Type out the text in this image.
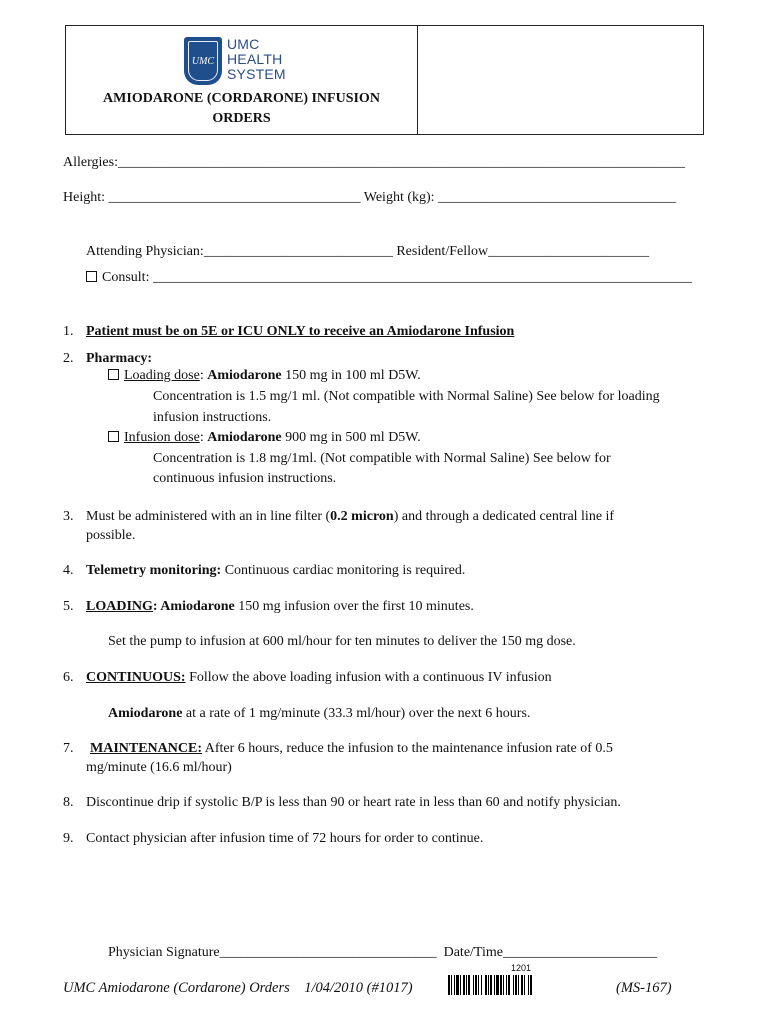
UMC
UMC
HEALTH
SYSTEM
AMIODARONE (CORDARONE) INFUSION
ORDERS
Allergies:_________________________________________________________________________________
Height: ____________________________________ Weight (kg): __________________________________
Attending Physician:___________________________ Resident/Fellow_______________________
Consult: _____________________________________________________________________________
1. Patient must be on 5E or ICU ONLY to receive an Amiodarone Infusion
2. Pharmacy:
Loading dose: Amiodarone 150 mg in 100 ml D5W.
Concentration is 1.5 mg/1 ml. (Not compatible with Normal Saline) See below for loading
infusion instructions.
Infusion dose: Amiodarone 900 mg in 500 ml D5W.
Concentration is 1.8 mg/1ml. (Not compatible with Normal Saline) See below for
continuous infusion instructions.
3. Must be administered with an in line filter (0.2 micron) and through a dedicated central line if
possible.
4. Telemetry monitoring: Continuous cardiac monitoring is required.
5. LOADING: Amiodarone 150 mg infusion over the first 10 minutes.
Set the pump to infusion at 600 ml/hour for ten minutes to deliver the 150 mg dose.
6. CONTINUOUS: Follow the above loading infusion with a continuous IV infusion
Amiodarone at a rate of 1 mg/minute (33.3 ml/hour) over the next 6 hours.
7. MAINTENANCE: After 6 hours, reduce the infusion to the maintenance infusion rate of 0.5
mg/minute (16.6 ml/hour)
8. Discontinue drip if systolic B/P is less than 90 or heart rate in less than 60 and notify physician.
9. Contact physician after infusion time of 72 hours for order to continue.
Physician Signature_______________________________ Date/Time______________________
UMC Amiodarone (Cordarone) Orders    1/04/2010 (#1017)
1201
(MS-167)
